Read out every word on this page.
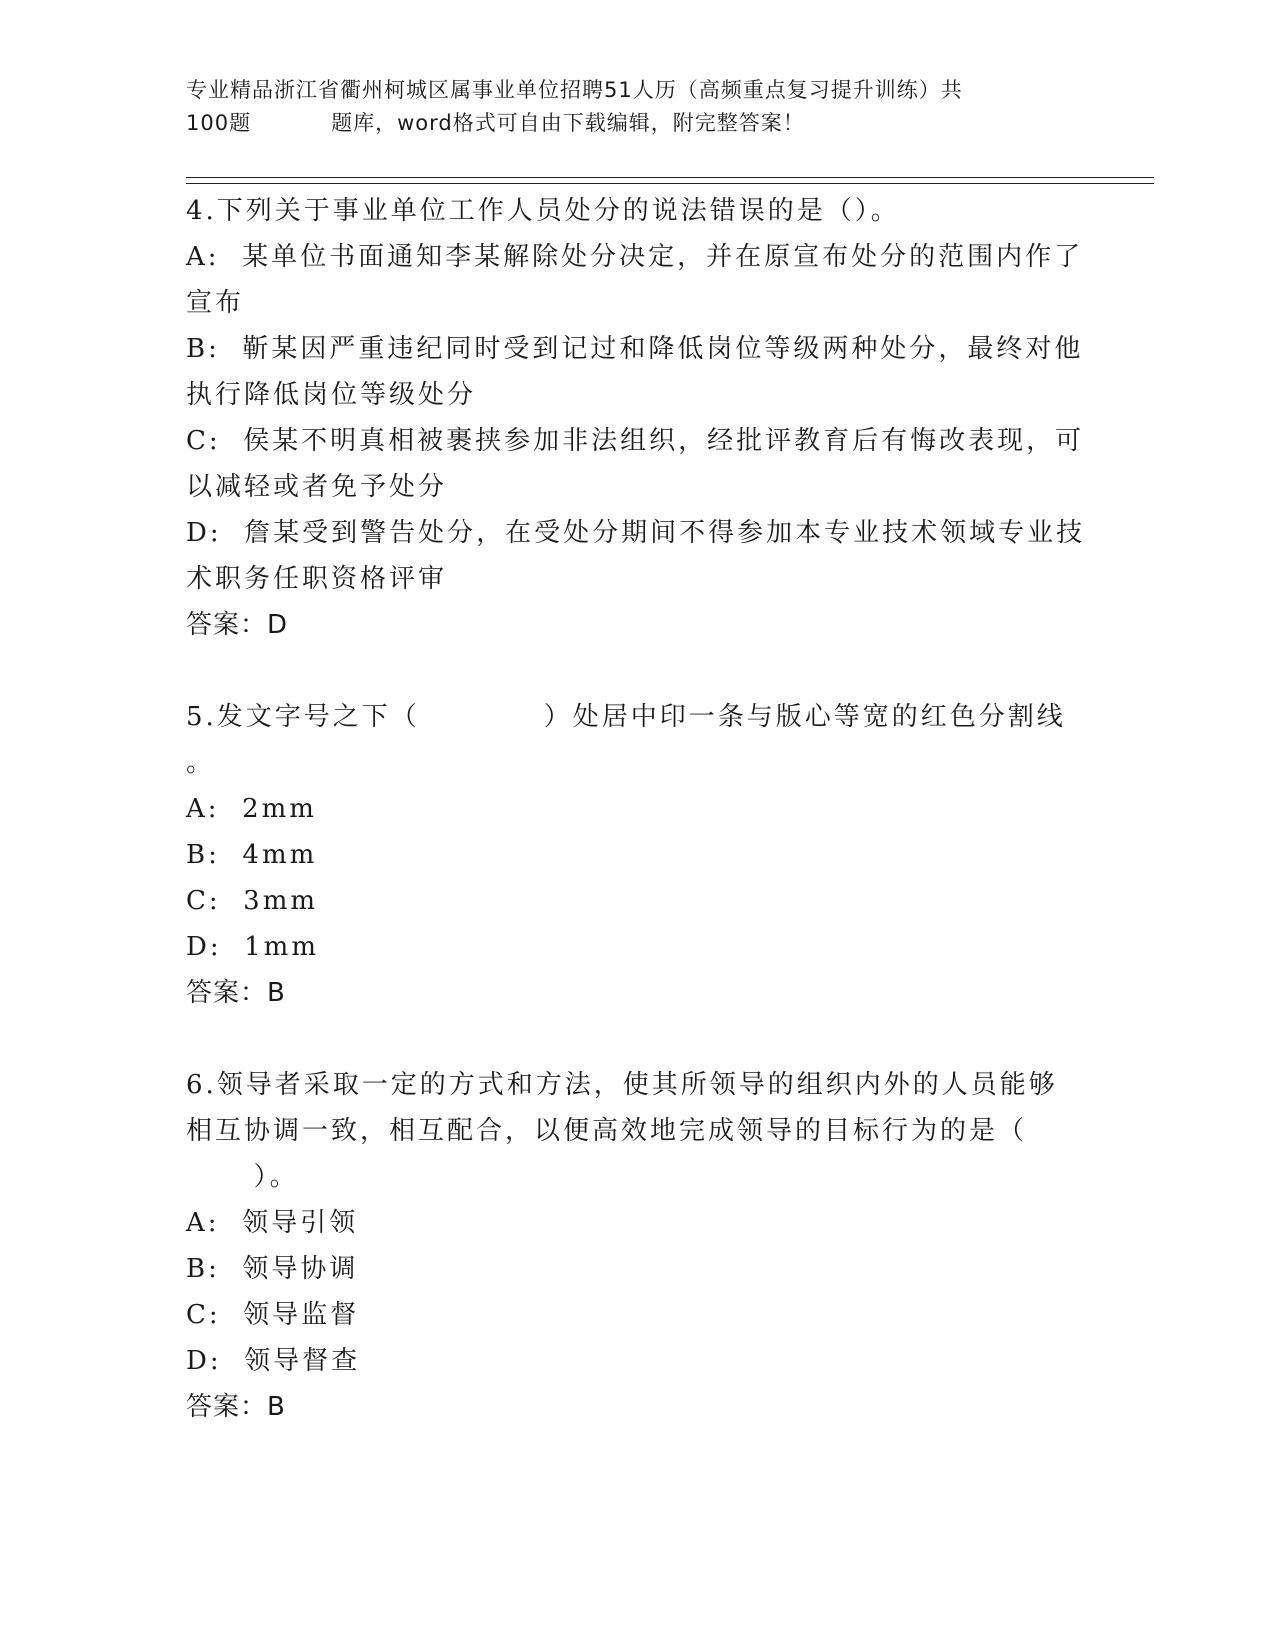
专业精品浙江省衢州柯城区属事业单位招聘51人历（高频重点复习提升训练）共
100题	题库，word格式可自由下载编辑，附完整答案！
4.下列关于事业单位工作人员处分的说法错误的是（）。
A:  某单位书面通知李某解除处分决定，并在原宣布处分的范围内作了
宣布
B:  靳某因严重违纪同时受到记过和降低岗位等级两种处分，最终对他
执行降低岗位等级处分
C:  侯某不明真相被裹挟参加非法组织，经批评教育后有悔改表现，可
以减轻或者免予处分
D:  詹某受到警告处分，在受处分期间不得参加本专业技术领域专业技
术职务任职资格评审
答案：D
5.发文字号之下（           ）处居中印一条与版心等宽的红色分割线
。
A:  2mm
B:  4mm
C:  3mm
D:  1mm
答案：B
6.领导者采取一定的方式和方法，使其所领导的组织内外的人员能够
相互协调一致，相互配合，以便高效地完成领导的目标行为的是（
）。
A:  领导引领
B:  领导协调
C:  领导监督
D:  领导督查
答案：B
